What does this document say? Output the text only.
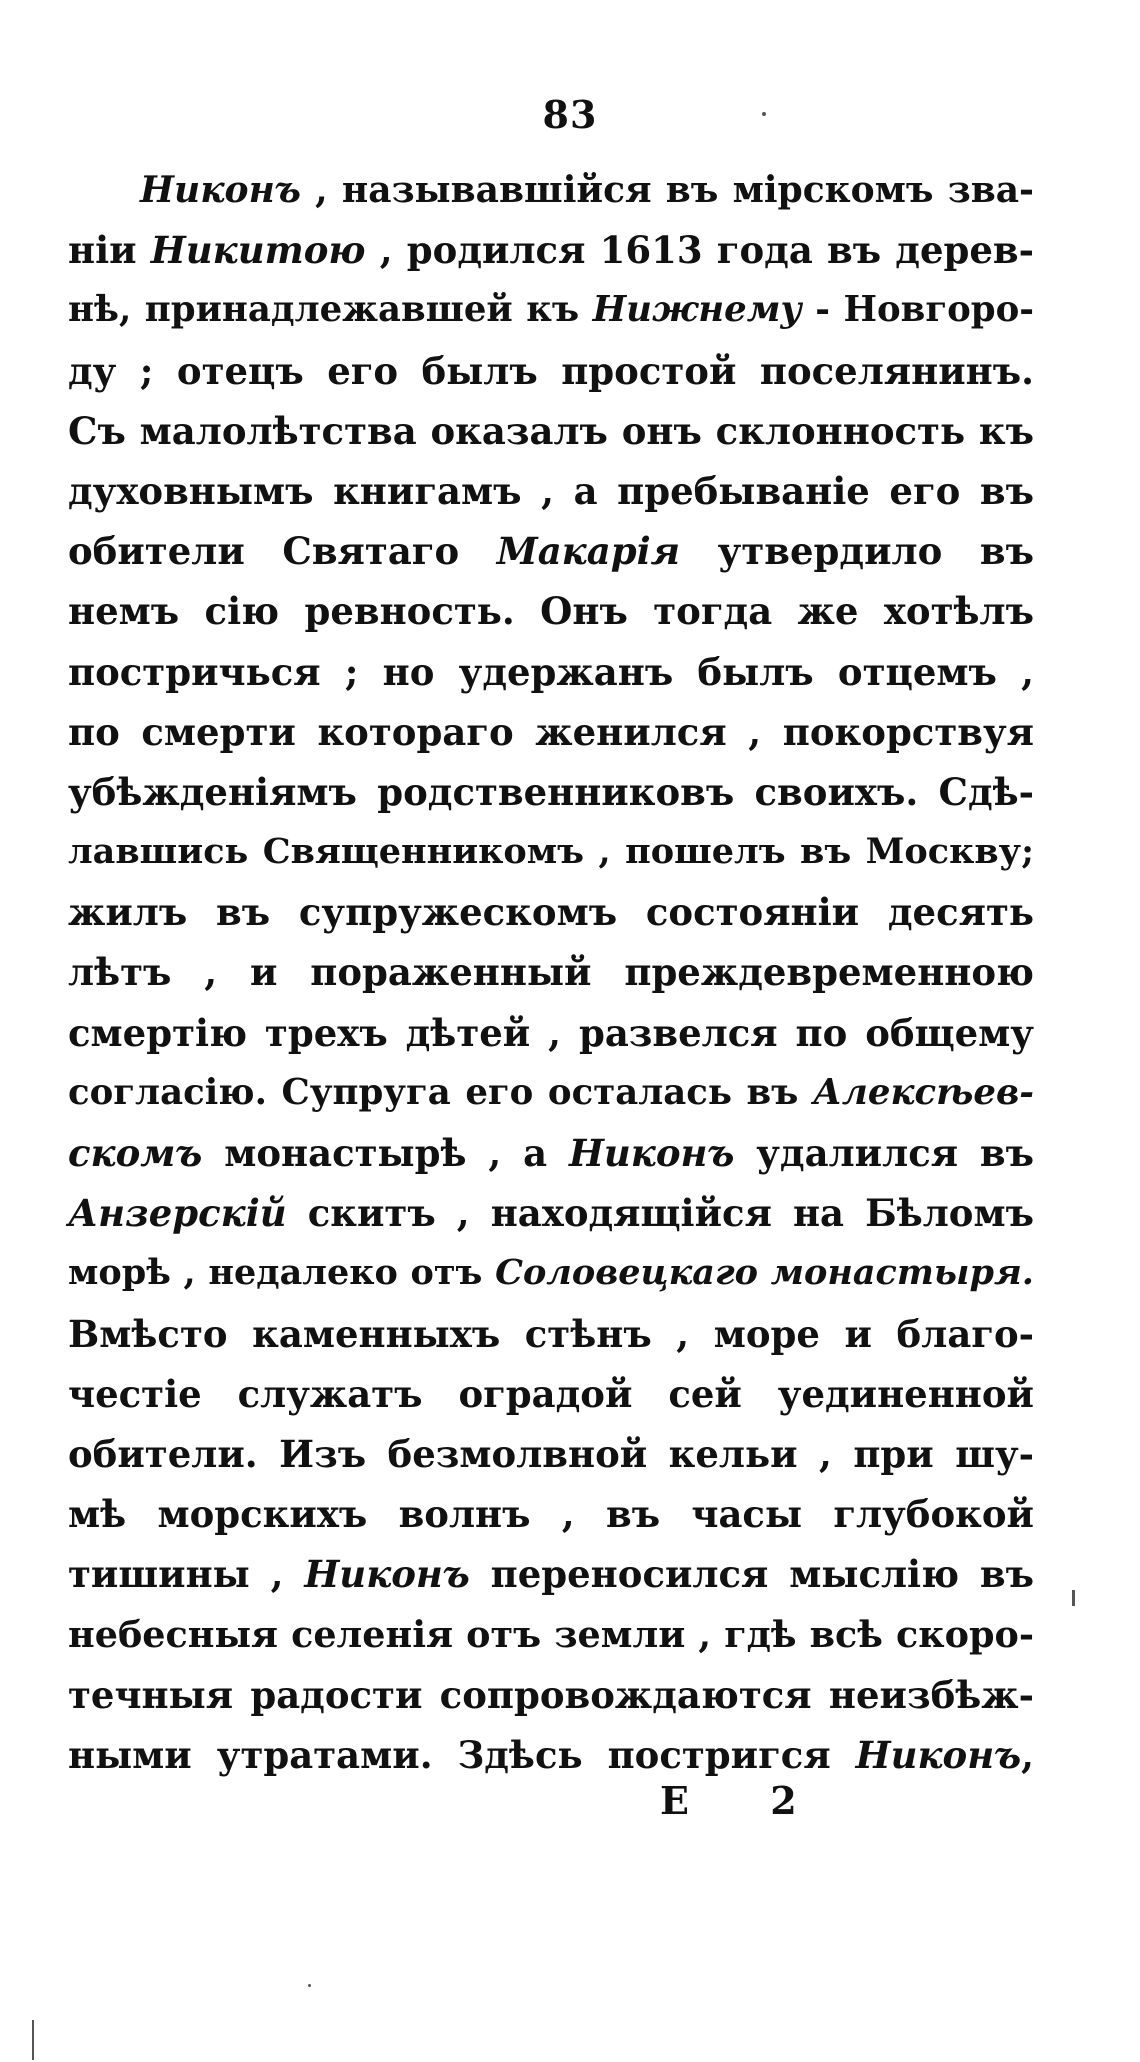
83
Никонъ , называвшійся въ мірскомъ зва-
ніи Никитою , родился 1613 года въ дерев-
нѣ, принадлежавшей къ Нижнему - Новгоро-
ду ; отецъ его былъ простой поселянинъ.
Съ малолѣтства оказалъ онъ склонность къ
духовнымъ книгамъ , а пребываніе его въ
обители Святаго Макарія утвердило въ
немъ сію ревность. Онъ тогда же хотѣлъ
постричься ; но удержанъ былъ отцемъ ,
по смерти котораго женился , покорствуя
убѣжденіямъ родственниковъ своихъ. Сдѣ-
лавшись Священникомъ , пошелъ въ Москву;
жилъ въ супружескомъ состояніи десять
лѣтъ , и пораженный преждевременною
смертію трехъ дѣтей , развелся по общему
согласію. Супруга его осталась въ Алексѣев-
скомъ монастырѣ , а Никонъ удалился въ
Анзерскій скитъ , находящійся на Бѣломъ
морѣ , недалеко отъ Соловецкаго монастыря.
Вмѣсто каменныхъ стѣнъ , море и благо-
честіе служатъ оградой сей уединенной
обители. Изъ безмолвной кельи , при шу-
мѣ морскихъ волнъ , въ часы глубокой
тишины , Никонъ переносился мыслію въ
небесныя селенія отъ земли , гдѣ всѣ скоро-
течныя радости сопровождаются неизбѣж-
ными утратами. Здѣсь постригся Никонъ,
E 2
